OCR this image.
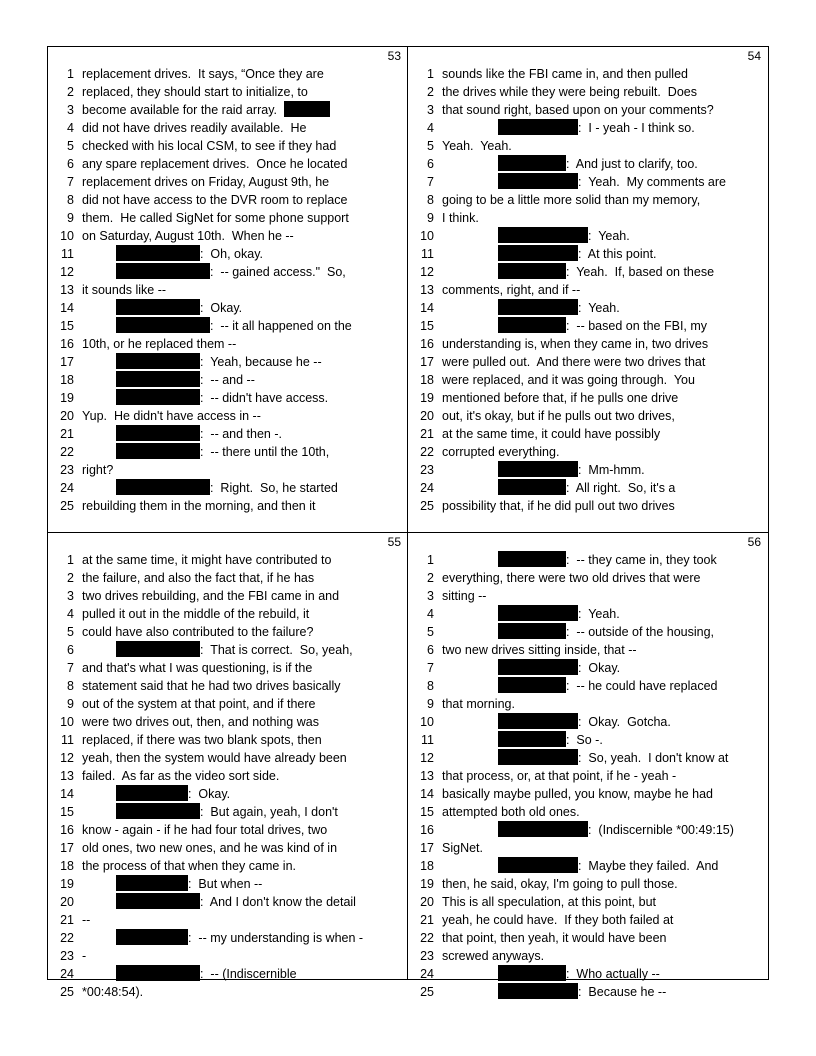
53
1 replacement drives.  It says, “Once they are
2 replaced, they should start to initialize, to
3 become available for the raid array.
4 did not have drives readily available.  He
5 checked with his local CSM, to see if they had
6 any spare replacement drives.  Once he located
7 replacement drives on Friday, August 9th, he
8 did not have access to the DVR room to replace
9 them.  He called SigNet for some phone support
10 on Saturday, August 10th.  When he --
11	:  Oh, okay.
12	:  -- gained access."  So,
13 it sounds like --
14	:  Okay.
15	:  -- it all happened on the
16 10th, or he replaced them --
17	:  Yeah, because he --
18	:  -- and --
19	:  -- didn't have access.
20 Yup.  He didn't have access in --
21	:  -- and then -.
22	:  -- there until the 10th,
23 right?
24	:  Right.  So, he started
25 rebuilding them in the morning, and then it
54
1 sounds like the FBI came in, and then pulled
2 the drives while they were being rebuilt.  Does
3 that sound right, based upon on your comments?
4	:  I - yeah - I think so.
5 Yeah.  Yeah.
6	:  And just to clarify, too.
7	:  Yeah.  My comments are
8 going to be a little more solid than my memory,
9 I think.
10	:  Yeah.
11	:  At this point.
12	:  Yeah.  If, based on these
13 comments, right, and if --
14	:  Yeah.
15	:  -- based on the FBI, my
16 understanding is, when they came in, two drives
17 were pulled out.  And there were two drives that
18 were replaced, and it was going through.  You
19 mentioned before that, if he pulls one drive
20 out, it's okay, but if he pulls out two drives,
21 at the same time, it could have possibly
22 corrupted everything.
23	:  Mm-hmm.
24	:  All right.  So, it's a
25 possibility that, if he did pull out two drives
55
1 at the same time, it might have contributed to
2 the failure, and also the fact that, if he has
3 two drives rebuilding, and the FBI came in and
4 pulled it out in the middle of the rebuild, it
5 could have also contributed to the failure?
6	:  That is correct.  So, yeah,
7 and that's what I was questioning, is if the
8 statement said that he had two drives basically
9 out of the system at that point, and if there
10 were two drives out, then, and nothing was
11 replaced, if there was two blank spots, then
12 yeah, then the system would have already been
13 failed.  As far as the video sort side.
14	:  Okay.
15	:  But again, yeah, I don't
16 know - again - if he had four total drives, two
17 old ones, two new ones, and he was kind of in
18 the process of that when they came in.
19	:  But when --
20	:  And I don't know the detail
21 --
22	:  -- my understanding is when -
23 -
24	:  -- (Indiscernible
25 *00:48:54).
56
1	:  -- they came in, they took
2 everything, there were two old drives that were
3 sitting --
4	:  Yeah.
5	:  -- outside of the housing,
6 two new drives sitting inside, that --
7	:  Okay.
8	:  -- he could have replaced
9 that morning.
10	:  Okay.  Gotcha.
11	:  So -.
12	:  So, yeah.  I don't know at
13 that process, or, at that point, if he - yeah -
14 basically maybe pulled, you know, maybe he had
15 attempted both old ones.
16	:  (Indiscernible *00:49:15)
17 SigNet.
18	:  Maybe they failed.  And
19 then, he said, okay, I'm going to pull those.
20 This is all speculation, at this point, but
21 yeah, he could have.  If they both failed at
22 that point, then yeah, it would have been
23 screwed anyways.
24	:  Who actually --
25	:  Because he --
